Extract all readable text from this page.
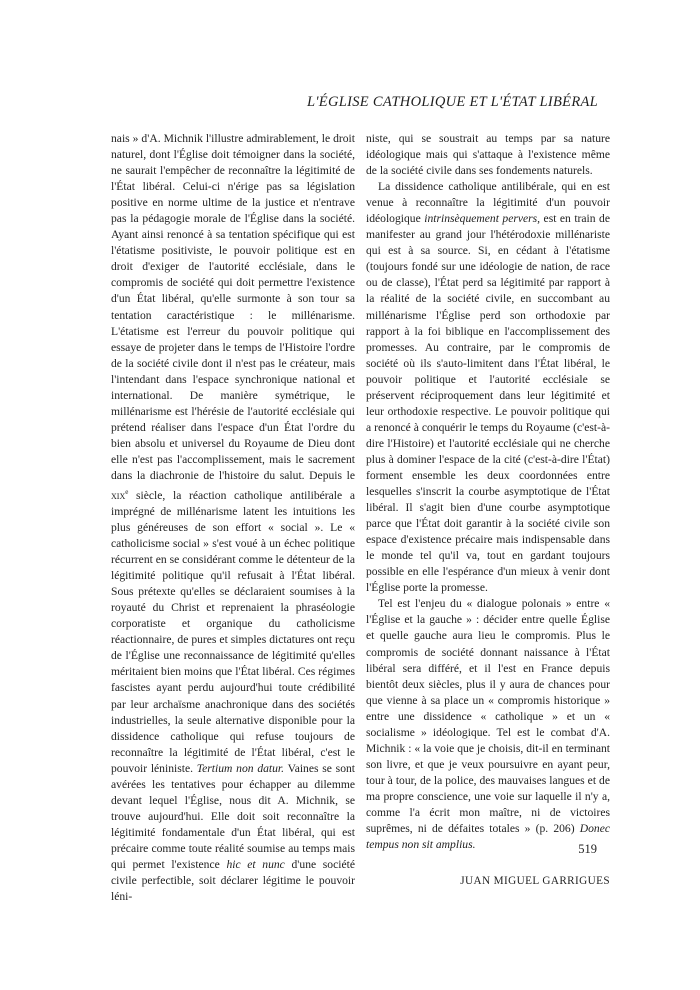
L'ÉGLISE CATHOLIQUE ET L'ÉTAT LIBÉRAL

nais » d'A. Michnik l'illustre admirablement, le droit naturel, dont l'Église doit témoigner dans la société, ne saurait l'empêcher de reconnaître la légitimité de l'État libéral. Celui-ci n'érige pas sa législation positive en norme ultime de la justice et n'entrave pas la pédagogie morale de l'Église dans la société. Ayant ainsi renoncé à sa tentation spécifique qui est l'étatisme positiviste, le pouvoir politique est en droit d'exiger de l'autorité ecclésiale, dans le compromis de société qui doit permettre l'existence d'un État libéral, qu'elle surmonte à son tour sa tentation caractéristique : le millénarisme. L'étatisme est l'erreur du pouvoir politique qui essaye de projeter dans le temps de l'Histoire l'ordre de la société civile dont il n'est pas le créateur, mais l'intendant dans l'espace synchronique national et international. De manière symétrique, le millénarisme est l'hérésie de l'autorité ecclésiale qui prétend réaliser dans l'espace d'un État l'ordre du bien absolu et universel du Royaume de Dieu dont elle n'est pas l'accomplissement, mais le sacrement dans la diachronie de l'histoire du salut. Depuis le xix$^e$ siècle, la réaction catholique antilibérale a imprégné de millénarisme latent les intuitions les plus généreuses de son effort « social ». Le « catholicisme social » s'est voué à un échec politique récurrent en se considérant comme le détenteur de la légitimité politique qu'il refusait à l'État libéral. Sous prétexte qu'elles se déclaraient soumises à la royauté du Christ et reprenaient la phraséologie corporatiste et organique du catholicisme réactionnaire, de pures et simples dictatures ont reçu de l'Église une reconnaissance de légitimité qu'elles méritaient bien moins que l'État libéral. Ces régimes fascistes ayant perdu aujourd'hui toute crédibilité par leur archaïsme anachronique dans des sociétés industrielles, la seule alternative disponible pour la dissidence catholique qui refuse toujours de reconnaître la légitimité de l'État libéral, c'est le pouvoir léniniste. Tertium non datur. Vaines se sont avérées les tentatives pour échapper au dilemme devant lequel l'Église, nous dit A. Michnik, se trouve aujourd'hui. Elle doit soit reconnaître la légitimité fondamentale d'un État libéral, qui est précaire comme toute réalité soumise au temps mais qui permet l'existence hic et nunc d'une société civile perfectible, soit déclarer légitime le pouvoir léni-

niste, qui se soustrait au temps par sa nature idéologique mais qui s'attaque à l'existence même de la société civile dans ses fondements naturels.

La dissidence catholique antilibérale, qui en est venue à reconnaître la légitimité d'un pouvoir idéologique intrinsèquement pervers, est en train de manifester au grand jour l'hétérodoxie millénariste qui est à sa source. Si, en cédant à l'étatisme (toujours fondé sur une idéologie de nation, de race ou de classe), l'État perd sa légitimité par rapport à la réalité de la société civile, en succombant au millénarisme l'Église perd son orthodoxie par rapport à la foi biblique en l'accomplissement des promesses. Au contraire, par le compromis de société où ils s'auto-limitent dans l'État libéral, le pouvoir politique et l'autorité ecclésiale se préservent réciproquement dans leur légitimité et leur orthodoxie respective. Le pouvoir politique qui a renoncé à conquérir le temps du Royaume (c'est-à-dire l'Histoire) et l'autorité ecclésiale qui ne cherche plus à dominer l'espace de la cité (c'est-à-dire l'État) forment ensemble les deux coordonnées entre lesquelles s'inscrit la courbe asymptotique de l'État libéral. Il s'agit bien d'une courbe asymptotique parce que l'État doit garantir à la société civile son espace d'existence précaire mais indispensable dans le monde tel qu'il va, tout en gardant toujours possible en elle l'espérance d'un mieux à venir dont l'Église porte la promesse.

Tel est l'enjeu du « dialogue polonais » entre « l'Église et la gauche » : décider entre quelle Église et quelle gauche aura lieu le compromis. Plus le compromis de société donnant naissance à l'État libéral sera différé, et il l'est en France depuis bientôt deux siècles, plus il y aura de chances pour que vienne à sa place un « compromis historique » entre une dissidence « catholique » et un « socialisme » idéologique. Tel est le combat d'A. Michnik : « la voie que je choisis, dit-il en terminant son livre, et que je veux poursuivre en ayant peur, tour à tour, de la police, des mauvaises langues et de ma propre conscience, une voie sur laquelle il n'y a, comme l'a écrit mon maître, ni de victoires suprêmes, ni de défaites totales » (p. 206) Donec tempus non sit amplius.

JUAN MIGUEL GARRIGUES
519
